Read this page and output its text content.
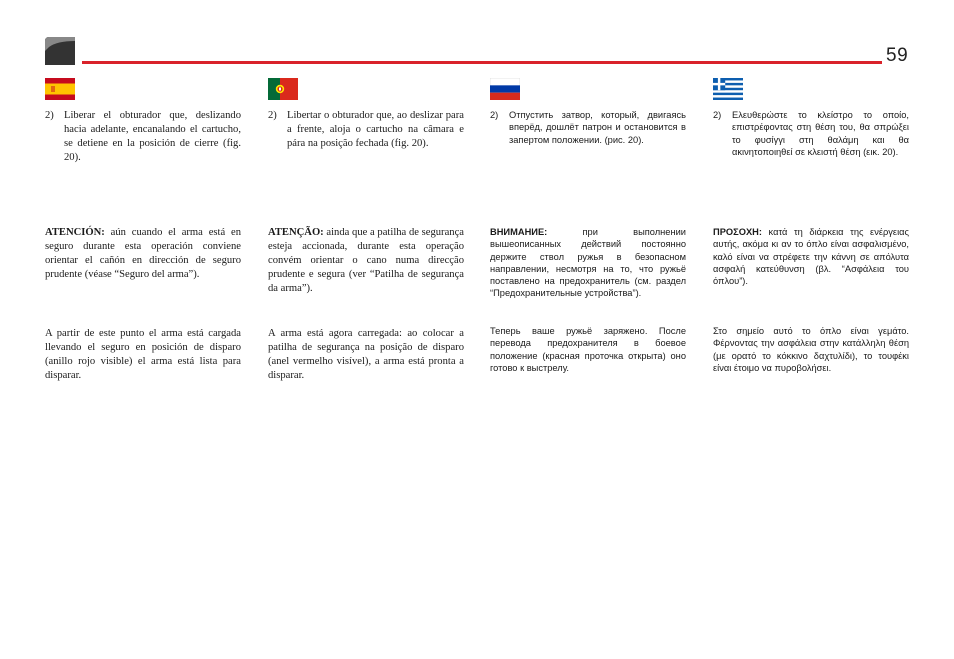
59

2) Liberar el obturador que, deslizando hacia adelante, encanalando el cartucho, se detiene en la posición de cierre (fig. 20).

ATENCIÓN: aún cuando el arma está en seguro durante esta operación conviene orientar el cañón en dirección de seguro prudente (véase “Seguro del arma”).

A partir de este punto el arma está cargada llevando el seguro en posición de disparo (anillo rojo visible) el arma está lista para disparar.

2) Libertar o obturador que, ao deslizar para a frente, aloja o cartucho na câmara e pára na posição fechada (fig. 20).

ATENÇÃO: ainda que a patilha de segurança esteja accionada, durante esta operação convém orientar o cano numa direcção prudente e segura (ver “Patilha de segurança da arma”).

A arma está agora carregada: ao colocar a patilha de segurança na posição de disparo (anel vermelho visível), a arma está pronta a disparar.

2)	Отпустить затвор, который, двигаясь вперёд, дошлёт патрон и остановится в запертом положении. (рис. 20).

ВНИМАНИЕ: при выполнении вышеописанных действий постоянно держите ствол ружья в безопасном направлении, несмотря на то, что ружьё поставлено на предохранитель (см. раздел “Предохранительные устройства”).

Теперь ваше ружьё заряжено. После перевода предохранителя в боевое положение (красная проточка открыта) оно готово к выстрелу.

2)	Ελευθερώστε το κλείστρο το οποίο, επιστρέφοντας στη θέση του, θα σπρώξει το φυσίγγι στη θαλάμη και θα ακινητοποιηθεί σε κλειστή θέση (εικ. 20).

ΠΡΟΣΟΧΗ: κατά τη διάρκεια της ενέργειας αυτής, ακόμα κι αν το όπλο είναι ασφαλισμένο, καλό είναι να στρέφετε την κάννη σε απόλυτα ασφαλή κατεύθυνση (βλ. “Ασφάλεια του όπλου”).

Στο σημείο αυτό το όπλο είναι γεμάτο. Φέρνοντας την ασφάλεια στην κατάλληλη θέση (με ορατό το κόκκινο δαχτυλίδι), το τουφέκι είναι έτοιμο να πυροβολήσει.
